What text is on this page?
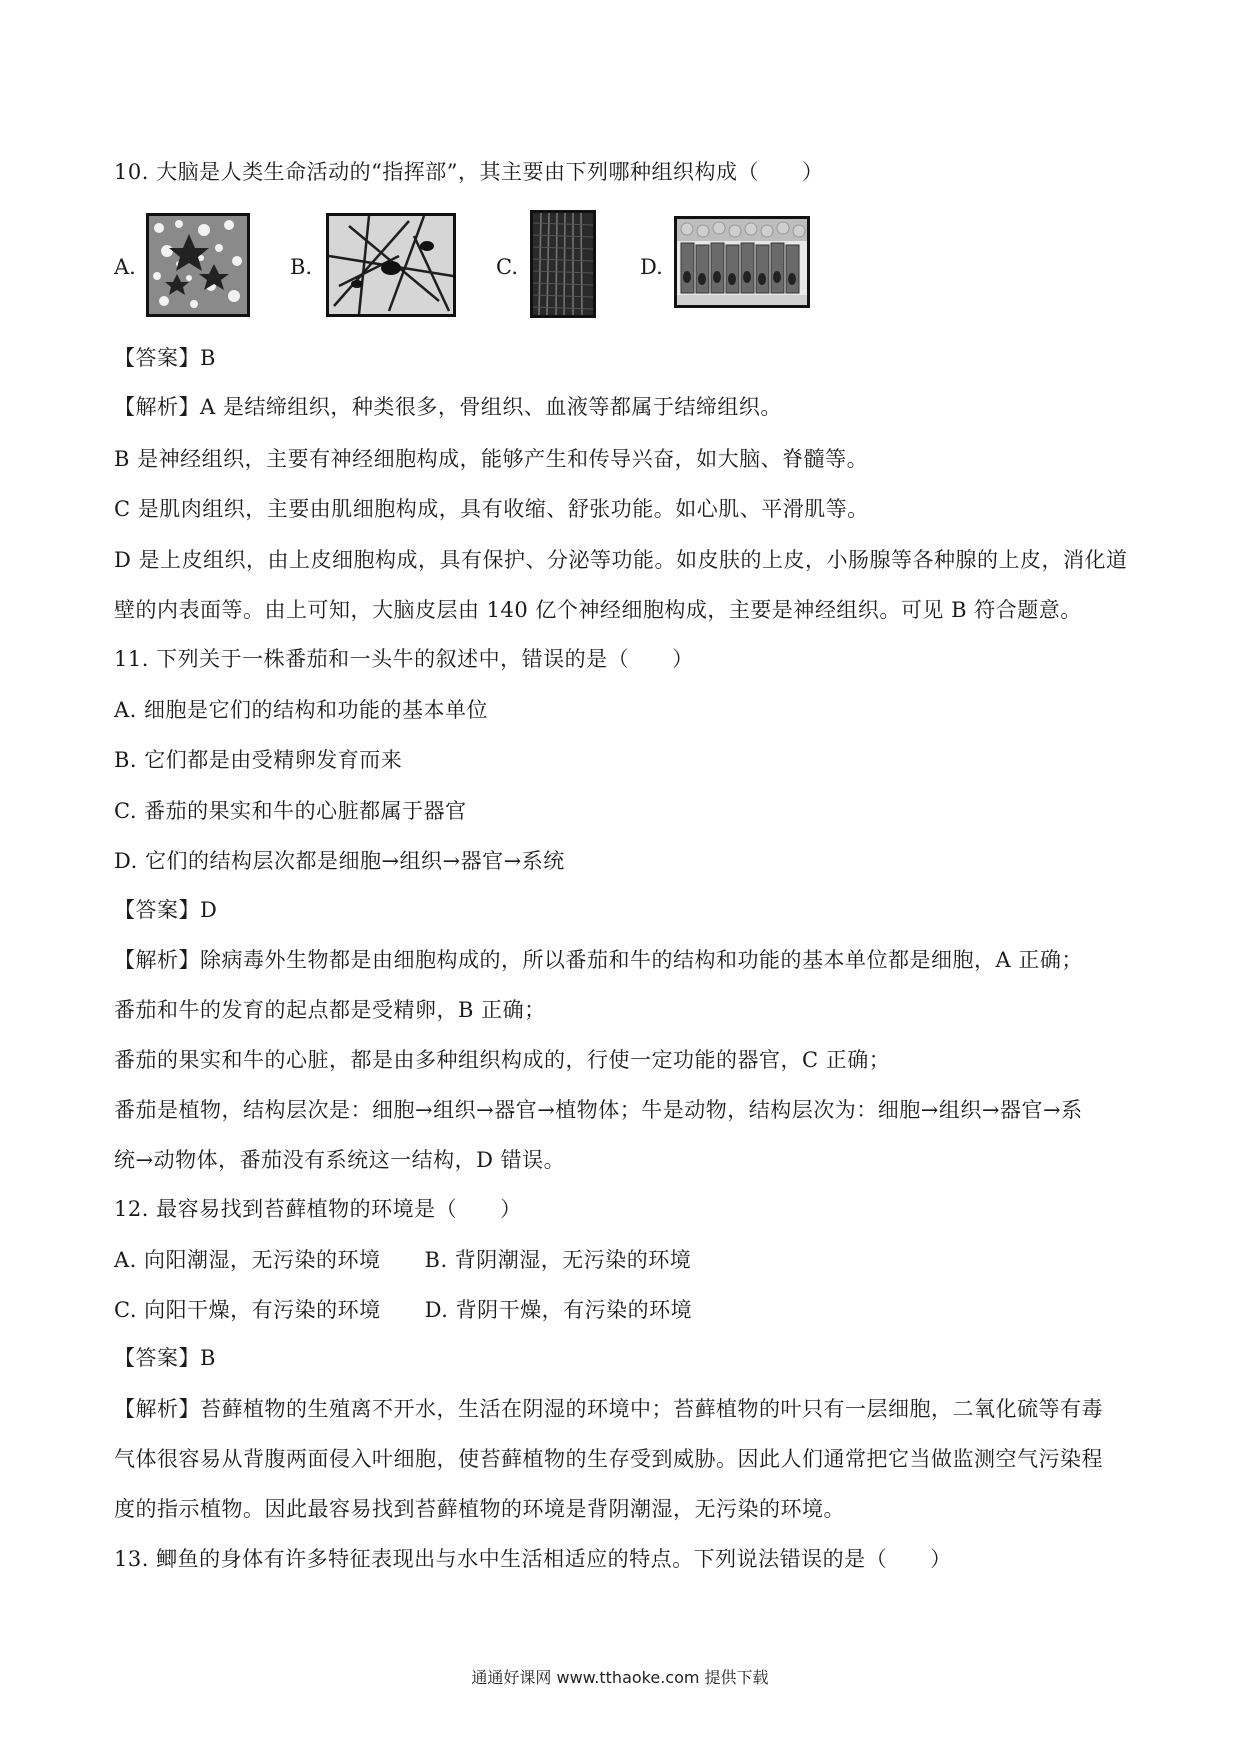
10. 大脑是人类生命活动的“指挥部”，其主要由下列哪种组织构成（　　）
A.	B.	C.	D.
【答案】B
【解析】A 是结缔组织，种类很多，骨组织、血液等都属于结缔组织。
B 是神经组织，主要有神经细胞构成，能够产生和传导兴奋，如大脑、脊髓等。
C 是肌肉组织，主要由肌细胞构成，具有收缩、舒张功能。如心肌、平滑肌等。
D 是上皮组织，由上皮细胞构成，具有保护、分泌等功能。如皮肤的上皮，小肠腺等各种腺的上皮，消化道
壁的内表面等。由上可知，大脑皮层由 140 亿个神经细胞构成，主要是神经组织。可见 B 符合题意。
11. 下列关于一株番茄和一头牛的叙述中，错误的是（　　）
A. 细胞是它们的结构和功能的基本单位
B. 它们都是由受精卵发育而来
C. 番茄的果实和牛的心脏都属于器官
D. 它们的结构层次都是细胞→组织→器官→系统
【答案】D
【解析】除病毒外生物都是由细胞构成的，所以番茄和牛的结构和功能的基本单位都是细胞，A 正确；
番茄和牛的发育的起点都是受精卵，B 正确；
番茄的果实和牛的心脏，都是由多种组织构成的，行使一定功能的器官，C 正确；
番茄是植物，结构层次是：细胞→组织→器官→植物体；牛是动物，结构层次为：细胞→组织→器官→系
统→动物体，番茄没有系统这一结构，D 错误。
12. 最容易找到苔藓植物的环境是（　　）
A. 向阳潮湿，无污染的环境 B. 背阴潮湿，无污染的环境
C. 向阳干燥，有污染的环境 D. 背阴干燥，有污染的环境
【答案】B
【解析】苔藓植物的生殖离不开水，生活在阴湿的环境中；苔藓植物的叶只有一层细胞，二氧化硫等有毒
气体很容易从背腹两面侵入叶细胞，使苔藓植物的生存受到威胁。因此人们通常把它当做监测空气污染程
度的指示植物。因此最容易找到苔藓植物的环境是背阴潮湿，无污染的环境。
13. 鲫鱼的身体有许多特征表现出与水中生活相适应的特点。下列说法错误的是（　　）
通通好课网 www.tthaoke.com 提供下载
